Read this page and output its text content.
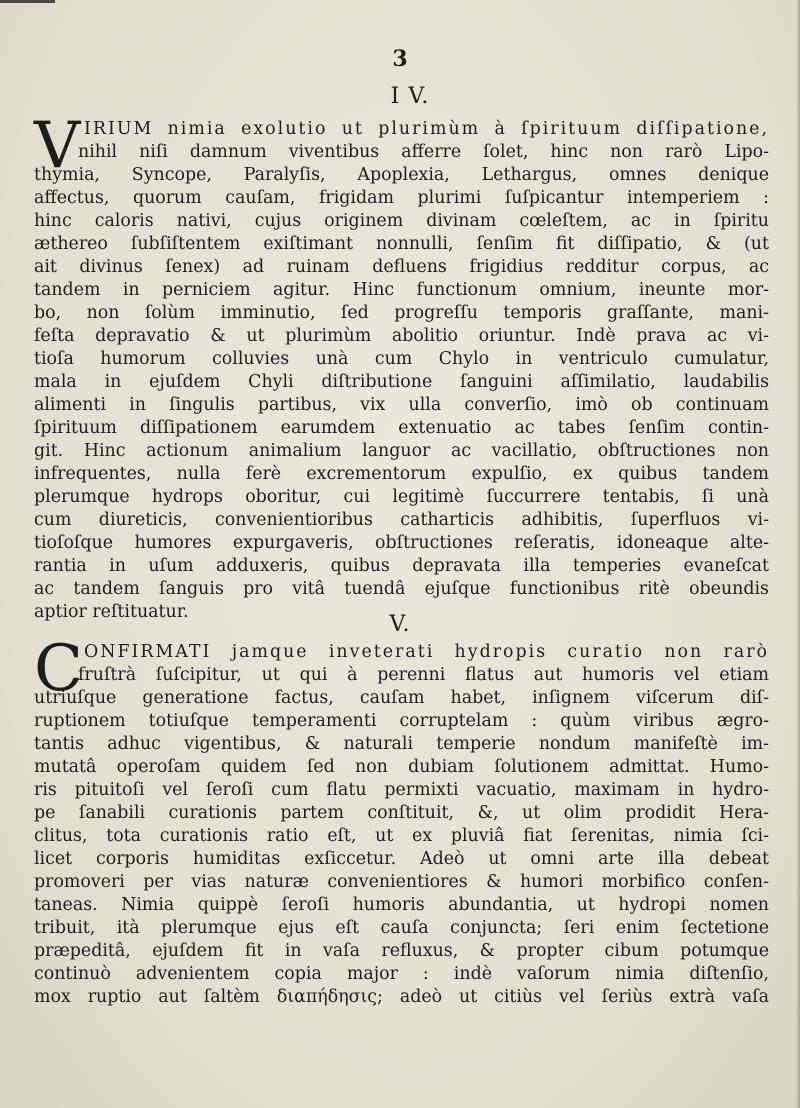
3
I V.
V IRIUM nimia exolutio ut plurimùm à ſpirituum diſſipatione,
nihil niſi damnum viventibus afferre ſolet, hinc non rarò Lipo-
thymia, Syncope, Paralyſis, Apoplexia, Lethargus, omnes denique
affectus, quorum cauſam, frigidam plurimi ſuſpicantur intemperiem :
hinc caloris nativi, cujus originem divinam cœleſtem, ac in ſpiritu
æthereo ſubſiſtentem exiſtimant nonnulli, ſenſim fit diſſipatio, & (ut
ait divinus ſenex) ad ruinam defluens frigidius redditur corpus, ac
tandem in perniciem agitur. Hinc functionum omnium, ineunte mor-
bo, non ſolùm imminutio, ſed progreſſu temporis graſſante, mani-
feſta depravatio & ut plurimùm abolitio oriuntur. Indè prava ac vi-
tioſa humorum colluvies unà cum Chylo in ventriculo cumulatur,
mala in ejuſdem Chyli diſtributione ſanguini aſſimilatio, laudabilis
alimenti in ſingulis partibus, vix ulla converſio, imò ob continuam
ſpirituum diſſipationem earumdem extenuatio ac tabes ſenſim contin-
git. Hinc actionum animalium languor ac vacillatio, obſtructiones non
infrequentes, nulla ferè excrementorum expulſio, ex quibus tandem
plerumque hydrops oboritur, cui legitimè ſuccurrere tentabis, ſi unà
cum diureticis, convenientioribus catharticis adhibitis, ſuperfluos vi-
tioſoſque humores expurgaveris, obſtructiones reſeratis, idoneaque alte-
rantia in uſum adduxeris, quibus depravata illa temperies evaneſcat
ac tandem ſanguis pro vitâ tuendâ ejuſque functionibus ritè obeundis
aptior reſtituatur.	V.
C ONFIRMATI jamque inveterati hydropis curatio non rarò
fruſtrà ſuſcipitur, ut qui à perenni flatus aut humoris vel etiam
utriuſque generatione factus, cauſam habet, inſignem viſcerum diſ-
ruptionem totiuſque temperamenti corruptelam : quùm viribus ægro-
tantis adhuc vigentibus, & naturali temperie nondum manifeſtè im-
mutatâ operoſam quidem ſed non dubiam ſolutionem admittat. Humo-
ris pituitoſi vel ſeroſi cum flatu permixti vacuatio, maximam in hydro-
pe ſanabili curationis partem conſtituit, &, ut olim prodidit Hera-
clitus, tota curationis ratio eſt, ut ex pluviâ fiat ſerenitas, nimia ſci-
licet corporis humiditas exſiccetur. Adeò ut omni arte illa debeat
promoveri per vias naturæ convenientiores & humori morbifico conſen-
taneas. Nimia quippè ſeroſi humoris abundantia, ut hydropi nomen
tribuit, ità plerumque ejus eſt cauſa conjuncta; ſeri enim ſectetione
præpeditâ, ejuſdem fit in vaſa refluxus, & propter cibum potumque
continuò advenientem copia major : indè vaſorum nimia diſtenſio,
mox ruptio aut ſaltèm διαπήδησις; adeò ut citiùs vel ſeriùs extrà vaſa
